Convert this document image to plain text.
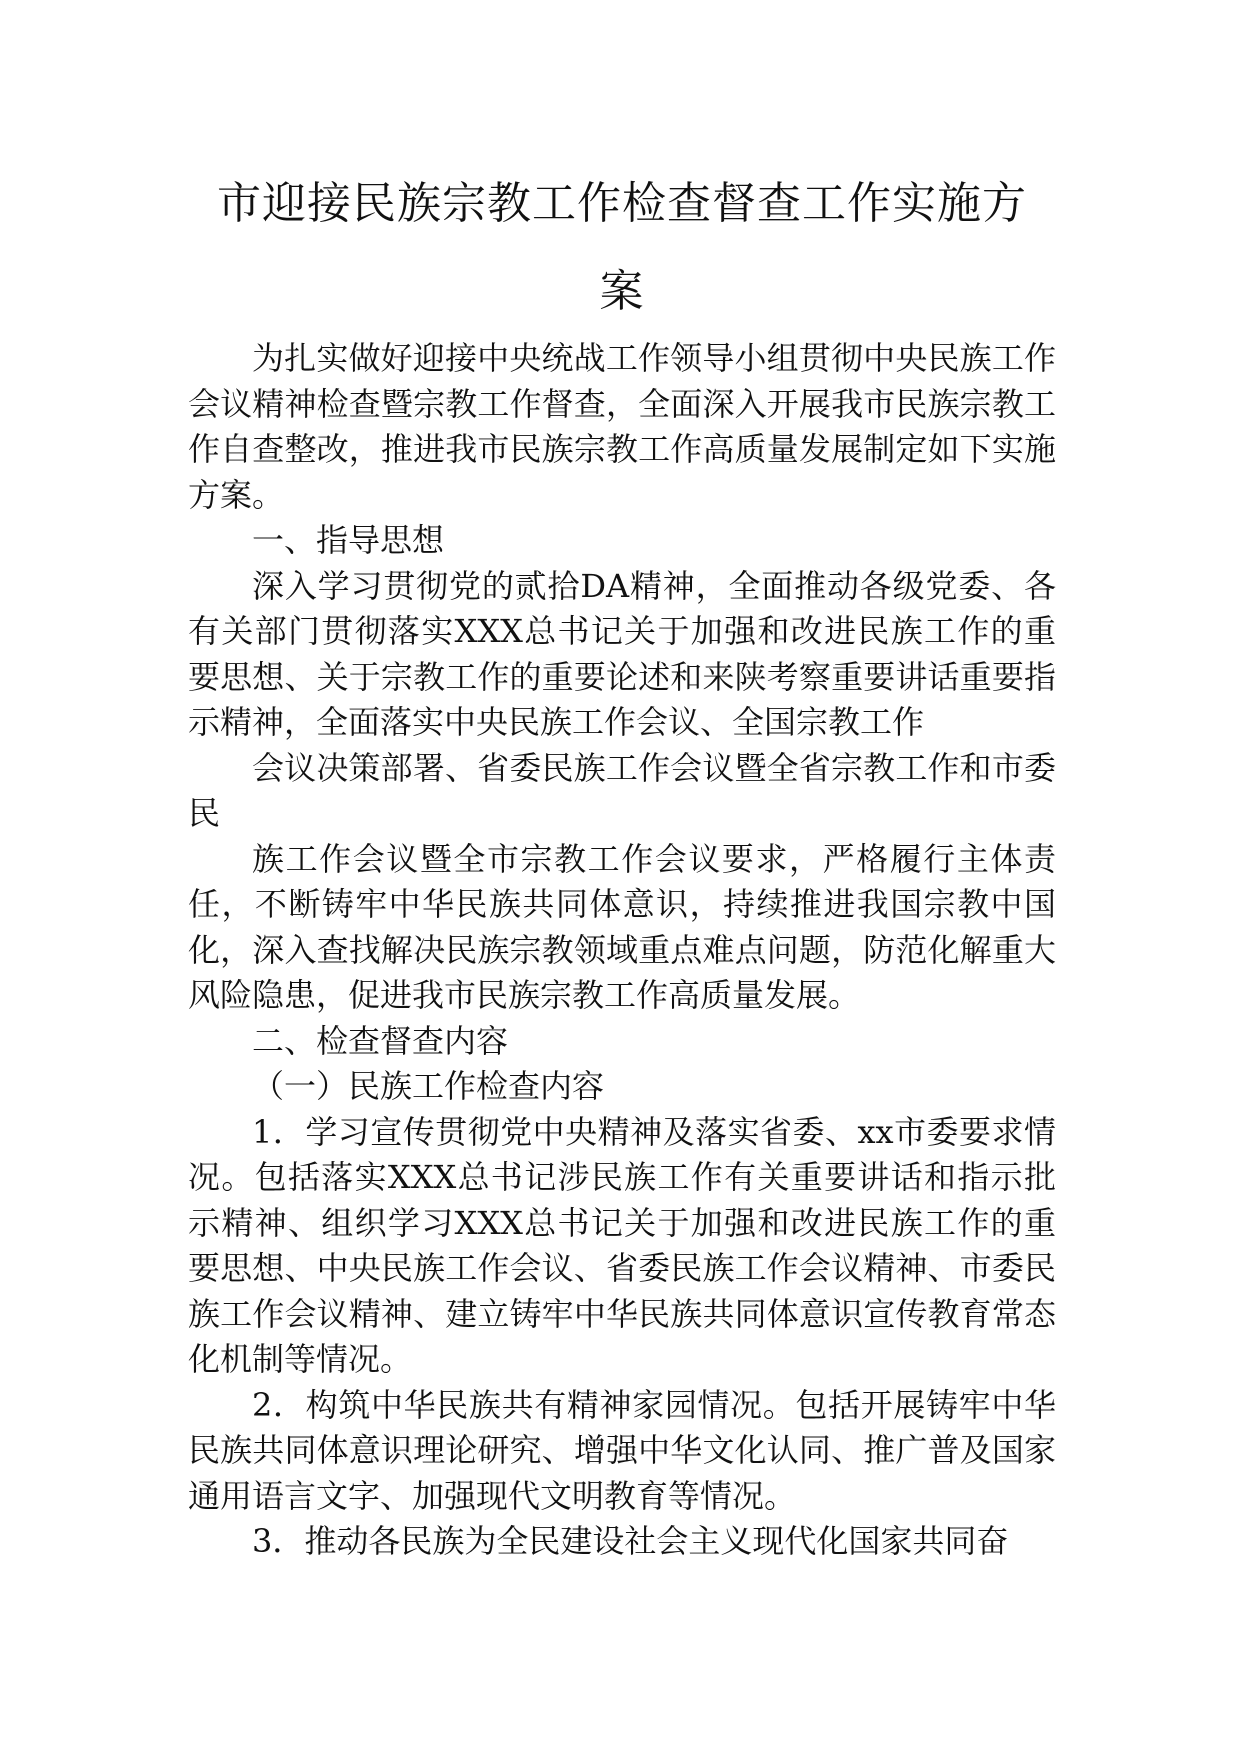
市迎接民族宗教工作检查督查工作实施方
案

为扎实做好迎接中央统战工作领导小组贯彻中央民族工作会议精神检查暨宗教工作督查，全面深入开展我市民族宗教工作自查整改，推进我市民族宗教工作高质量发展制定如下实施方案。

一、指导思想

深入学习贯彻党的贰拾DA精神，全面推动各级党委、各有关部门贯彻落实XXX总书记关于加强和改进民族工作的重要思想、关于宗教工作的重要论述和来陕考察重要讲话重要指示精神，全面落实中央民族工作会议、全国宗教工作

会议决策部署、省委民族工作会议暨全省宗教工作和市委民

族工作会议暨全市宗教工作会议要求，严格履行主体责任，不断铸牢中华民族共同体意识，持续推进我国宗教中国化，深入查找解决民族宗教领域重点难点问题，防范化解重大风险隐患，促进我市民族宗教工作高质量发展。

二、检查督查内容

（一）民族工作检查内容

1．学习宣传贯彻党中央精神及落实省委、xx市委要求情况。包括落实XXX总书记涉民族工作有关重要讲话和指示批示精神、组织学习XXX总书记关于加强和改进民族工作的重要思想、中央民族工作会议、省委民族工作会议精神、市委民族工作会议精神、建立铸牢中华民族共同体意识宣传教育常态化机制等情况。

2．构筑中华民族共有精神家园情况。包括开展铸牢中华民族共同体意识理论研究、增强中华文化认同、推广普及国家通用语言文字、加强现代文明教育等情况。

3．推动各民族为全民建设社会主义现代化国家共同奋
